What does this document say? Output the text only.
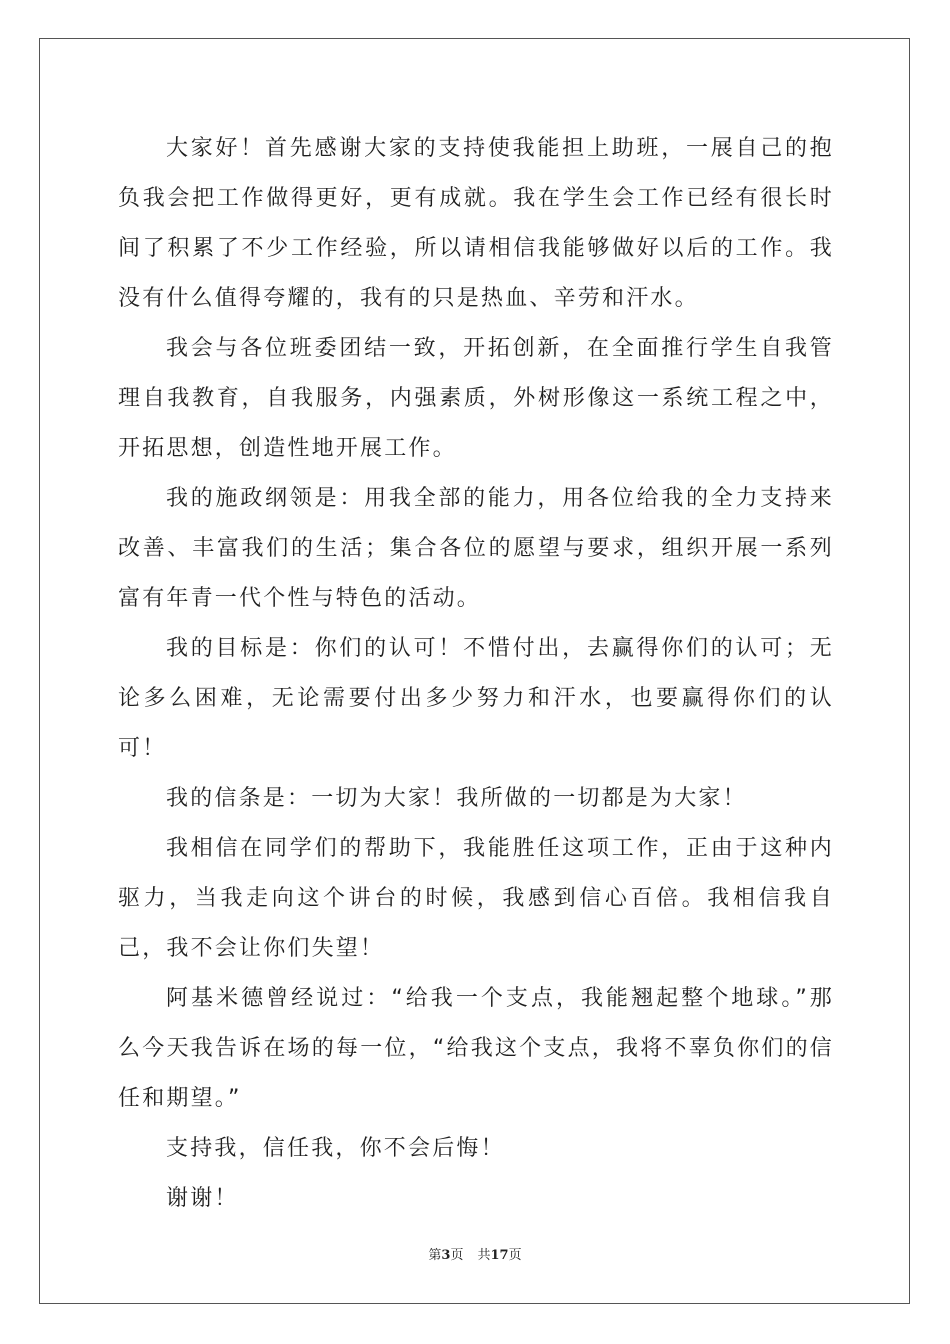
大家好！首先感谢大家的支持使我能担上助班，一展自己的抱负我会把工作做得更好，更有成就。我在学生会工作已经有很长时间了积累了不少工作经验，所以请相信我能够做好以后的工作。我没有什么值得夸耀的，我有的只是热血、辛劳和汗水。

我会与各位班委团结一致，开拓创新，在全面推行学生自我管理自我教育，自我服务，内强素质，外树形像这一系统工程之中，开拓思想，创造性地开展工作。

我的施政纲领是：用我全部的能力，用各位给我的全力支持来改善、丰富我们的生活；集合各位的愿望与要求，组织开展一系列富有年青一代个性与特色的活动。

我的目标是：你们的认可！不惜付出，去赢得你们的认可；无论多么困难，无论需要付出多少努力和汗水，也要赢得你们的认可！

我的信条是：一切为大家！我所做的一切都是为大家！

我相信在同学们的帮助下，我能胜任这项工作，正由于这种内驱力，当我走向这个讲台的时候，我感到信心百倍。我相信我自己，我不会让你们失望！

阿基米德曾经说过：“给我一个支点，我能翘起整个地球。”那么今天我告诉在场的每一位，“给我这个支点，我将不辜负你们的信任和期望。”

支持我，信任我，你不会后悔！

谢谢！

第3页 共17页
